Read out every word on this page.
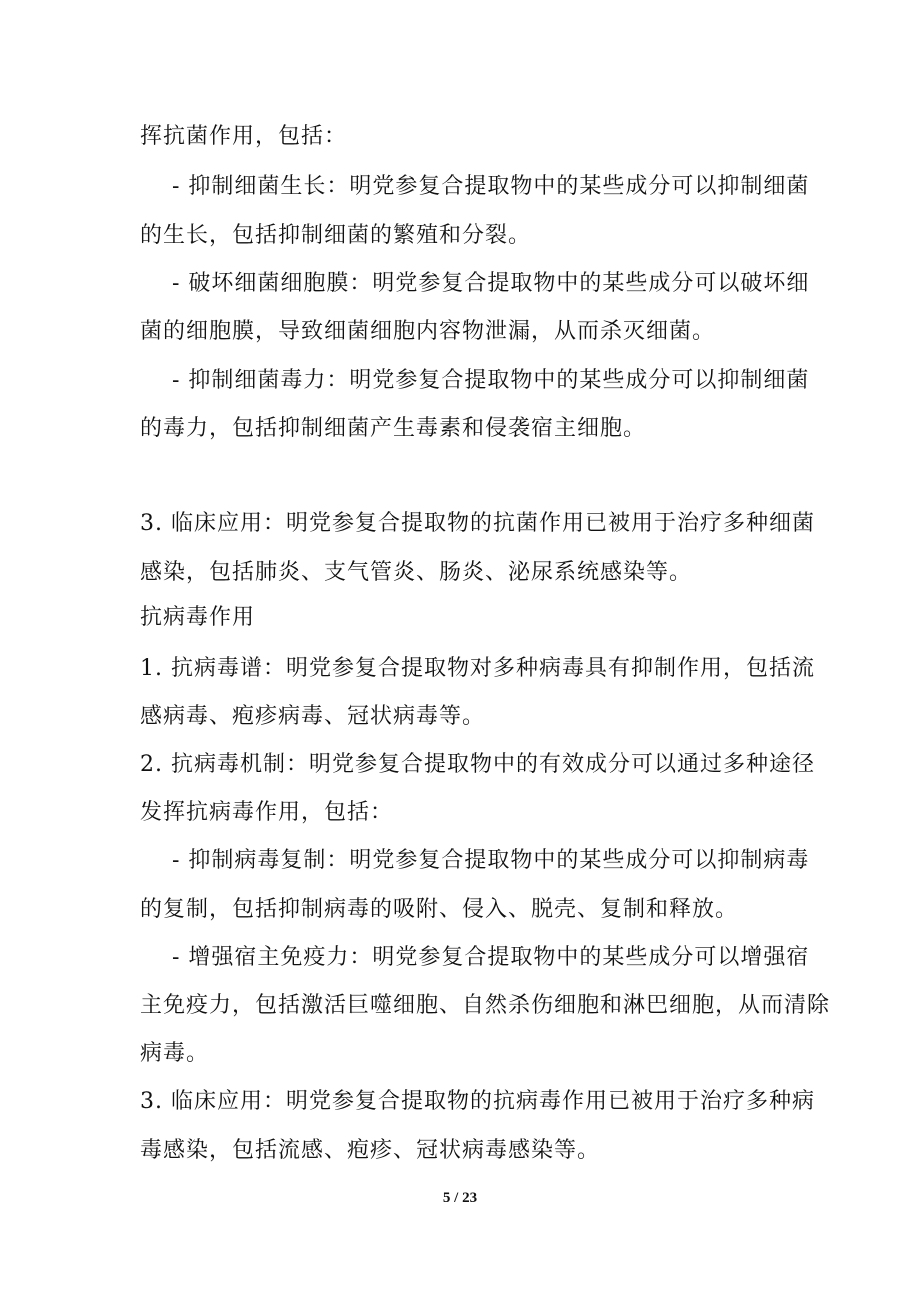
挥抗菌作用，包括：
- 抑制细菌生长：明党参复合提取物中的某些成分可以抑制细菌
的生长，包括抑制细菌的繁殖和分裂。
- 破坏细菌细胞膜：明党参复合提取物中的某些成分可以破坏细
菌的细胞膜，导致细菌细胞内容物泄漏，从而杀灭细菌。
- 抑制细菌毒力：明党参复合提取物中的某些成分可以抑制细菌
的毒力，包括抑制细菌产生毒素和侵袭宿主细胞。
3. 临床应用：明党参复合提取物的抗菌作用已被用于治疗多种细菌
感染，包括肺炎、支气管炎、肠炎、泌尿系统感染等。
抗病毒作用
1. 抗病毒谱：明党参复合提取物对多种病毒具有抑制作用，包括流
感病毒、疱疹病毒、冠状病毒等。
2. 抗病毒机制：明党参复合提取物中的有效成分可以通过多种途径
发挥抗病毒作用，包括：
- 抑制病毒复制：明党参复合提取物中的某些成分可以抑制病毒
的复制，包括抑制病毒的吸附、侵入、脱壳、复制和释放。
- 增强宿主免疫力：明党参复合提取物中的某些成分可以增强宿
主免疫力，包括激活巨噬细胞、自然杀伤细胞和淋巴细胞，从而清除
病毒。
3. 临床应用：明党参复合提取物的抗病毒作用已被用于治疗多种病
毒感染，包括流感、疱疹、冠状病毒感染等。
5 / 23
